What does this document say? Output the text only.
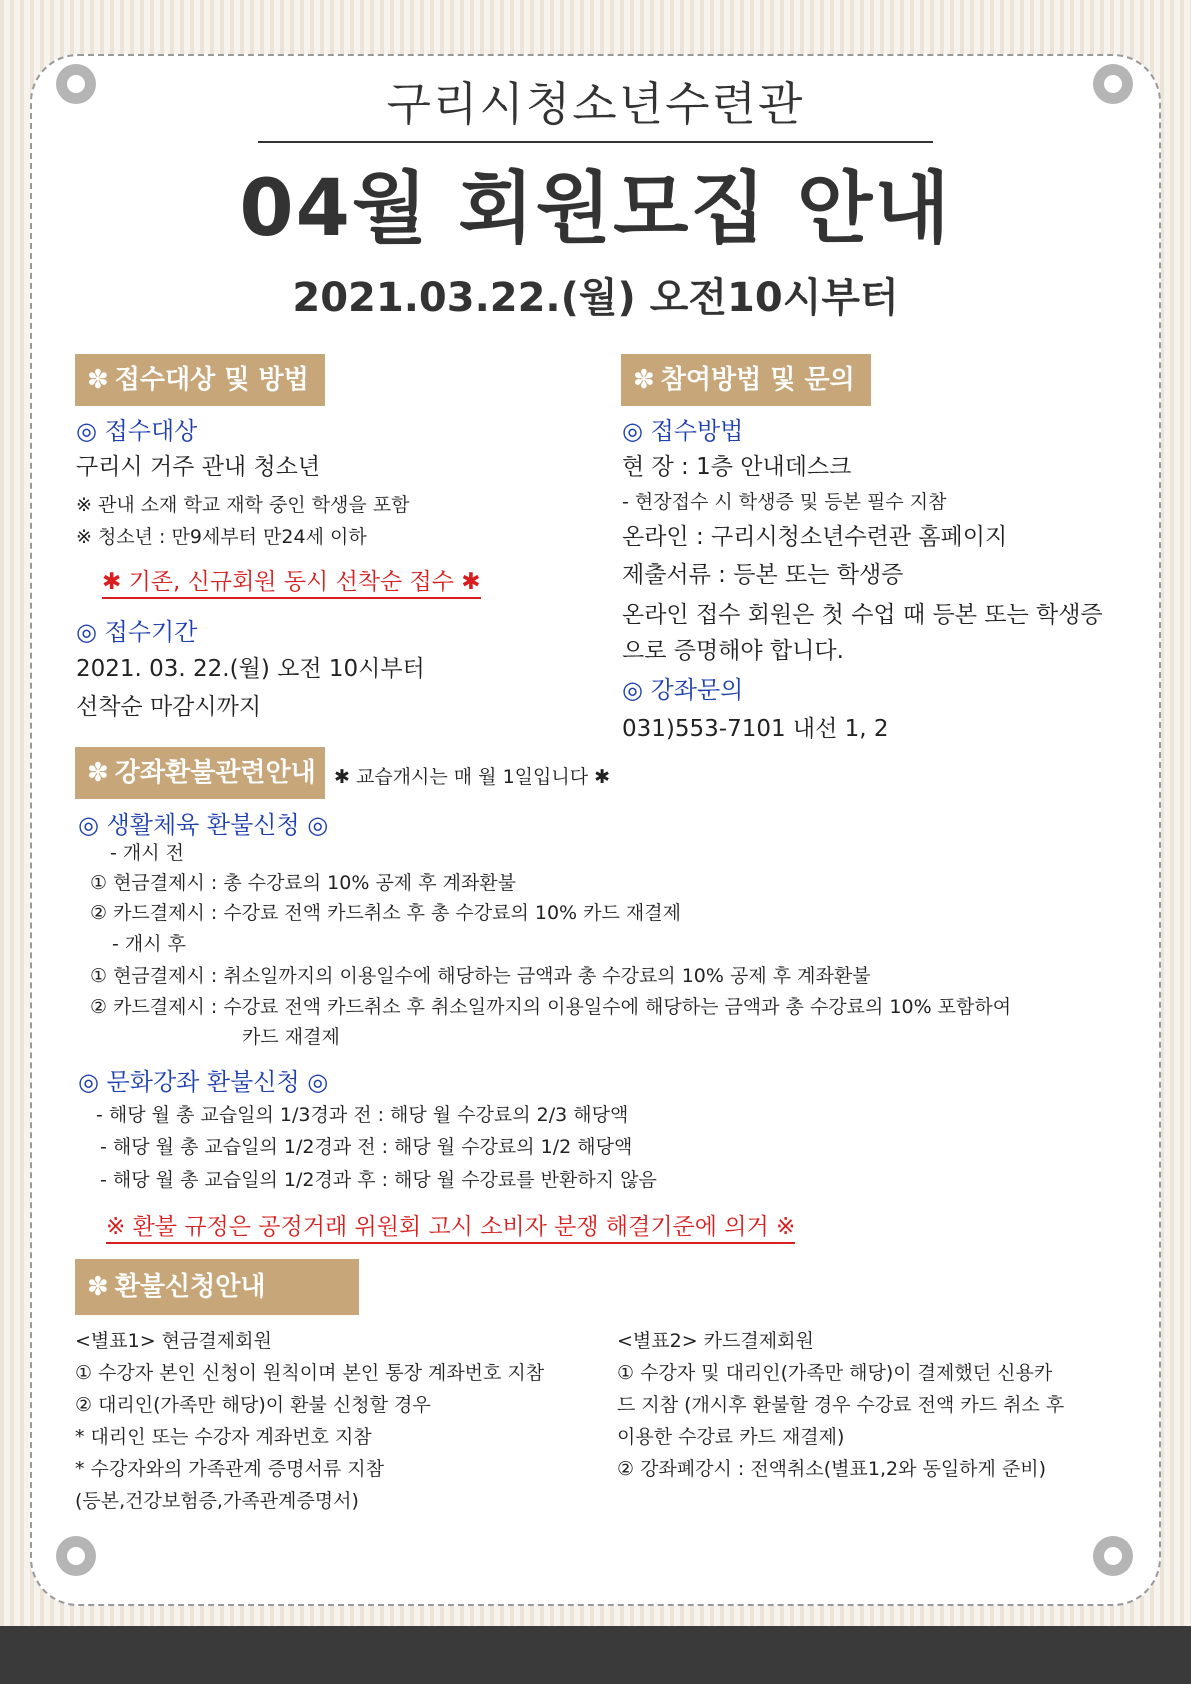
구리시청소년수련관
04월 회원모집 안내
2021.03.22.(월) 오전10시부터
✽ 접수대상 및 방법
◎ 접수대상
구리시 거주 관내 청소년
※ 관내 소재 학교 재학 중인 학생을 포함
※ 청소년 : 만9세부터 만24세 이하
✱ 기존, 신규회원 동시 선착순 접수 ✱
◎ 접수기간
2021. 03. 22.(월) 오전 10시부터
선착순 마감시까지
✽ 참여방법 및 문의
◎ 접수방법
현 장 : 1층 안내데스크
- 현장접수 시 학생증 및 등본 필수 지참
온라인 : 구리시청소년수련관 홈페이지
제출서류 : 등본 또는 학생증
온라인 접수 회원은 첫 수업 때 등본 또는 학생증
으로 증명해야 합니다.
◎ 강좌문의
031)553-7101 내선 1, 2
✽ 강좌환불관련안내 ✱ 교습개시는 매 월 1일입니다 ✱
◎ 생활체육 환불신청 ◎
- 개시 전
① 현금결제시 : 총 수강료의 10% 공제 후 계좌환불
② 카드결제시 : 수강료 전액 카드취소 후 총 수강료의 10% 카드 재결제
- 개시 후
① 현금결제시 : 취소일까지의 이용일수에 해당하는 금액과 총 수강료의 10% 공제 후 계좌환불
② 카드결제시 : 수강료 전액 카드취소 후 취소일까지의 이용일수에 해당하는 금액과 총 수강료의 10% 포함하여
카드 재결제
◎ 문화강좌 환불신청 ◎
- 해당 월 총 교습일의 1/3경과 전 : 해당 월 수강료의 2/3 해당액
- 해당 월 총 교습일의 1/2경과 전 : 해당 월 수강료의 1/2 해당액
- 해당 월 총 교습일의 1/2경과 후 : 해당 월 수강료를 반환하지 않음
※ 환불 규정은 공정거래 위원회 고시 소비자 분쟁 해결기준에 의거 ※
✽ 환불신청안내
<별표1> 현금결제회원
① 수강자 본인 신청이 원칙이며 본인 통장 계좌번호 지참
② 대리인(가족만 해당)이 환불 신청할 경우
* 대리인 또는 수강자 계좌번호 지참
* 수강자와의 가족관계 증명서류 지참
(등본,건강보험증,가족관계증명서)
<별표2> 카드결제회원
① 수강자 및 대리인(가족만 해당)이 결제했던 신용카
드 지참 (개시후 환불할 경우 수강료 전액 카드 취소 후
이용한 수강료 카드 재결제)
② 강좌폐강시 : 전액취소(별표1,2와 동일하게 준비)
